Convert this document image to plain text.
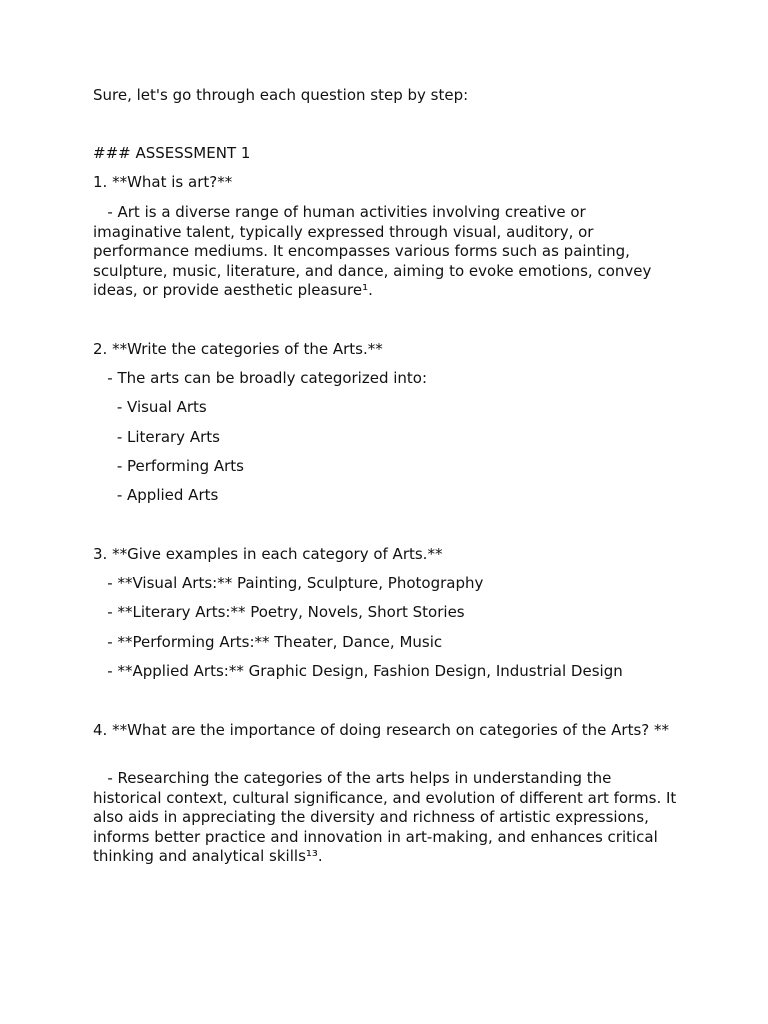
Sure, let's go through each question step by step:

### ASSESSMENT 1

1. **What is art?**

- Art is a diverse range of human activities involving creative or imaginative talent, typically expressed through visual, auditory, or performance mediums. It encompasses various forms such as painting, sculpture, music, literature, and dance, aiming to evoke emotions, convey ideas, or provide aesthetic pleasure¹.

2. **Write the categories of the Arts.**

- The arts can be broadly categorized into:

- Visual Arts

- Literary Arts

- Performing Arts

- Applied Arts

3. **Give examples in each category of Arts.**

- **Visual Arts:** Painting, Sculpture, Photography

- **Literary Arts:** Poetry, Novels, Short Stories

- **Performing Arts:** Theater, Dance, Music

- **Applied Arts:** Graphic Design, Fashion Design, Industrial Design

4. **What are the importance of doing research on categories of the Arts? **

- Researching the categories of the arts helps in understanding the historical context, cultural significance, and evolution of different art forms. It also aids in appreciating the diversity and richness of artistic expressions, informs better practice and innovation in art-making, and enhances critical thinking and analytical skills¹³.
